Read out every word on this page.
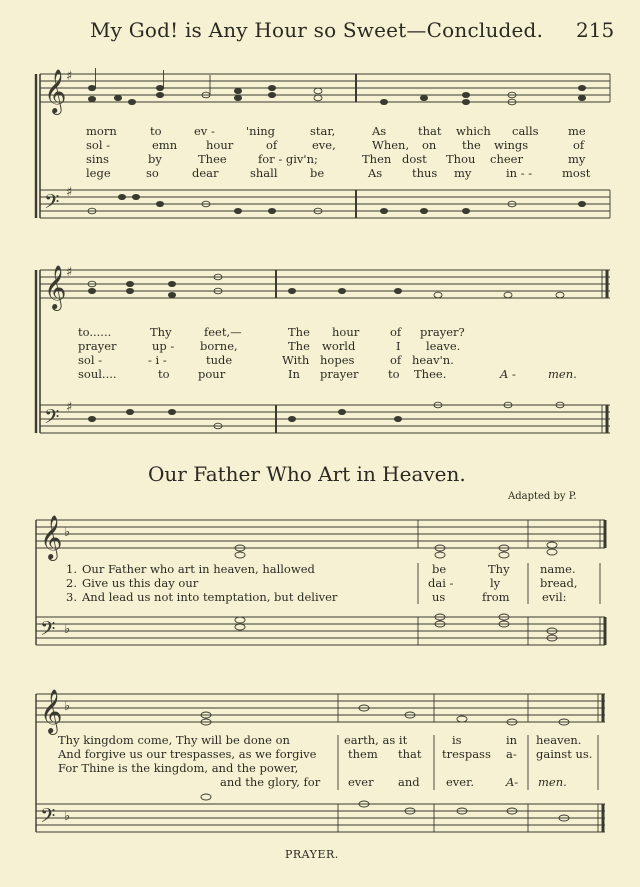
My God! is Any Hour so Sweet—Concluded. 215
𝄞
𝄢
𝄞
𝄢
𝄞
𝄢
𝄞
𝄢
♯
♯
♯
♯
♭
♭
♭
♭
morn	to	ev -	'ning	star,	As	that which calls	me
sol -	emn	hour	of	eve,	When, on the wings	of
sins	by	Thee	for - giv'n;	Then dost Thou cheer	my
lege	so	dear	shall	be	As	thus my	in - -	most
to......	Thy	feet,—	The hour	of prayer?
prayer	up - borne,	The world	I leave.
sol -	- i -	tude	With hopes	of heav'n.
soul....	to pour	In prayer	to Thee.	A -	men.
Our Father Who Art in Heaven.
Adapted by P.
1. Our Father who art in heaven, hallowed	be	Thy	name.
2. Give us this day our	dai -	ly	bread,
3. And lead us not into temptation, but deliver	us	from	evil:
Thy kingdom come, Thy will be done on	earth, as it	is	in heaven.
And forgive us our trespasses, as we forgive	them that trespass a- gainst us.
For Thine is the kingdom, and the power,
and the glory, for ever and ever.	A- men.
PRAYER.
